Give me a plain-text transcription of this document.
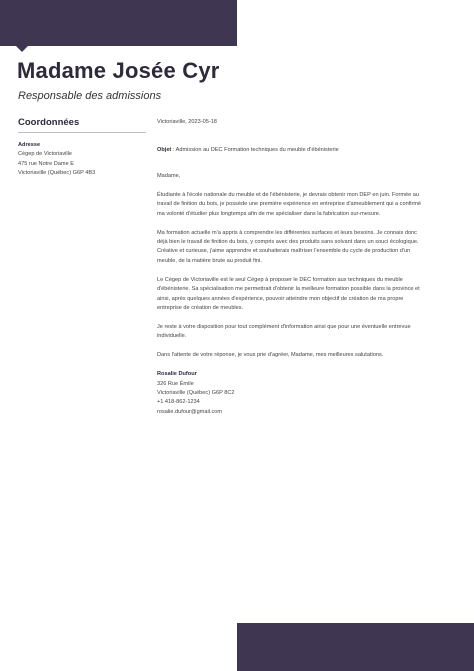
Madame Josée Cyr

Responsable des admissions

Coordonnées
Adresse
Cégep de Victoriaville
475 rue Notre Dame E
Victoriaville (Québec) G6P 4B3
Victoriaville, 2023-05-18
Objet : Admission au DEC Formation techniques du meuble d'ébénisterie
Madame,
Étudiante à l'école nationale du meuble et de l'ébénisterie, je devrais obtenir mon DEP en juin. Formée au
travail de finition du bois, je possède une première expérience en entreprise d'ameublement qui a confirmé
ma volonté d'étudier plus longtemps afin de me spécialiser dans la fabrication sur-mesure.
Ma formation actuelle m'a appris à comprendre les différentes surfaces et leurs besoins. Je connais donc
déjà bien le travail de finition du bois, y compris avec des produits sans solvant dans un souci écologique.
Créative et curieuse, j'aime apprendre et souhaiterais maîtriser l'ensemble du cycle de production d'un
meuble, de la matière brute au produit fini.
Le Cégep de Victoriaville est le seul Cégep à proposer le DEC formation aux techniques du meuble
d'ébénisterie. Sa spécialisation me permettrait d'obtenir la meilleure formation possible dans la province et
ainsi, après quelques années d'expérience, pouvoir atteindre mon objectif de création de ma propre
entreprise de création de meubles.
Je reste à votre disposition pour tout complément d'information ainsi que pour une éventuelle entrevue
individuelle.
Dans l'attente de votre réponse, je vous prie d'agréer, Madame, mes meilleures salutations.
Rosalie Dufour
326 Rue Émile
Victoriaville (Québec) G6P 8C2
+1 418-862-1234
rosalie.dufour@gmail.com
